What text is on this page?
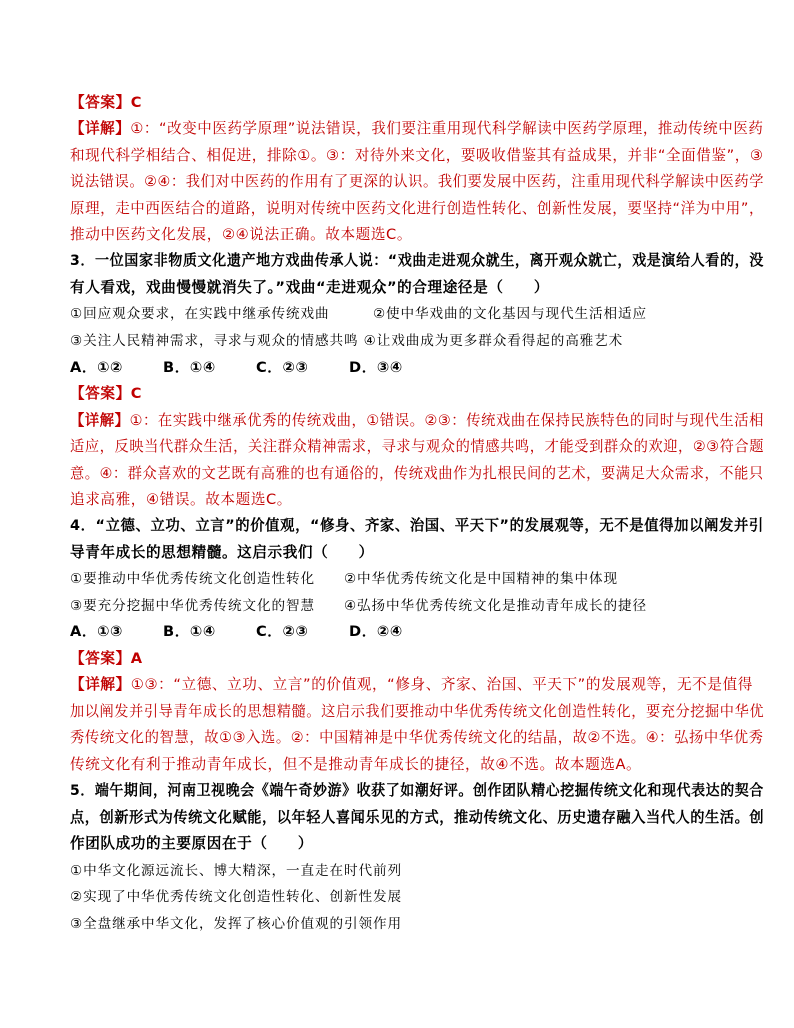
【答案】C
【详解】①：“改变中医药学原理”说法错误，我们要注重用现代科学解读中医药学原理，推动传统中医药
和现代科学相结合、相促进，排除①。③：对待外来文化，要吸收借鉴其有益成果，并非“全面借鉴”，③
说法错误。②④：我们对中医药的作用有了更深的认识。我们要发展中医药，注重用现代科学解读中医药学
原理，走中西医结合的道路，说明对传统中医药文化进行创造性转化、创新性发展，要坚持“洋为中用”，
推动中医药文化发展，②④说法正确。故本题选C。
3．一位国家非物质文化遗产地方戏曲传承人说：“戏曲走进观众就生，离开观众就亡，戏是演给人看的，没
有人看戏，戏曲慢慢就消失了。”戏曲“走进观众”的合理途径是（　　）
①回应观众要求，在实践中继承传统戏曲　　　②使中华戏曲的文化基因与现代生活相适应
③关注人民精神需求，寻求与观众的情感共鸣 ④让戏曲成为更多群众看得起的高雅艺术
A．①②	B．①④	C．②③	D．③④
【答案】C
【详解】①：在实践中继承优秀的传统戏曲，①错误。②③：传统戏曲在保持民族特色的同时与现代生活相
适应，反映当代群众生活，关注群众精神需求，寻求与观众的情感共鸣，才能受到群众的欢迎，②③符合题
意。④：群众喜欢的文艺既有高雅的也有通俗的，传统戏曲作为扎根民间的艺术，要满足大众需求，不能只
追求高雅，④错误。故本题选C。
4．“立德、立功、立言”的价值观，“修身、齐家、治国、平天下”的发展观等，无不是值得加以阐发并引
导青年成长的思想精髓。这启示我们（　　）
①要推动中华优秀传统文化创造性转化　　②中华优秀传统文化是中国精神的集中体现
③要充分挖掘中华优秀传统文化的智慧　　④弘扬中华优秀传统文化是推动青年成长的捷径
A．①③	B．①④	C．②③	D．②④
【答案】A
【详解】①③：“立德、立功、立言”的价值观，“修身、齐家、治国、平天下”的发展观等，无不是值得
加以阐发并引导青年成长的思想精髓。这启示我们要推动中华优秀传统文化创造性转化，要充分挖掘中华优
秀传统文化的智慧，故①③入选。②：中国精神是中华优秀传统文化的结晶，故②不选。④：弘扬中华优秀
传统文化有利于推动青年成长，但不是推动青年成长的捷径，故④不选。故本题选A。
5．端午期间，河南卫视晚会《端午奇妙游》收获了如潮好评。创作团队精心挖掘传统文化和现代表达的契合
点，创新形式为传统文化赋能，以年轻人喜闻乐见的方式，推动传统文化、历史遗存融入当代人的生活。创
作团队成功的主要原因在于（　　）
①中华文化源远流长、博大精深，一直走在时代前列
②实现了中华优秀传统文化创造性转化、创新性发展
③全盘继承中华文化，发挥了核心价值观的引领作用
